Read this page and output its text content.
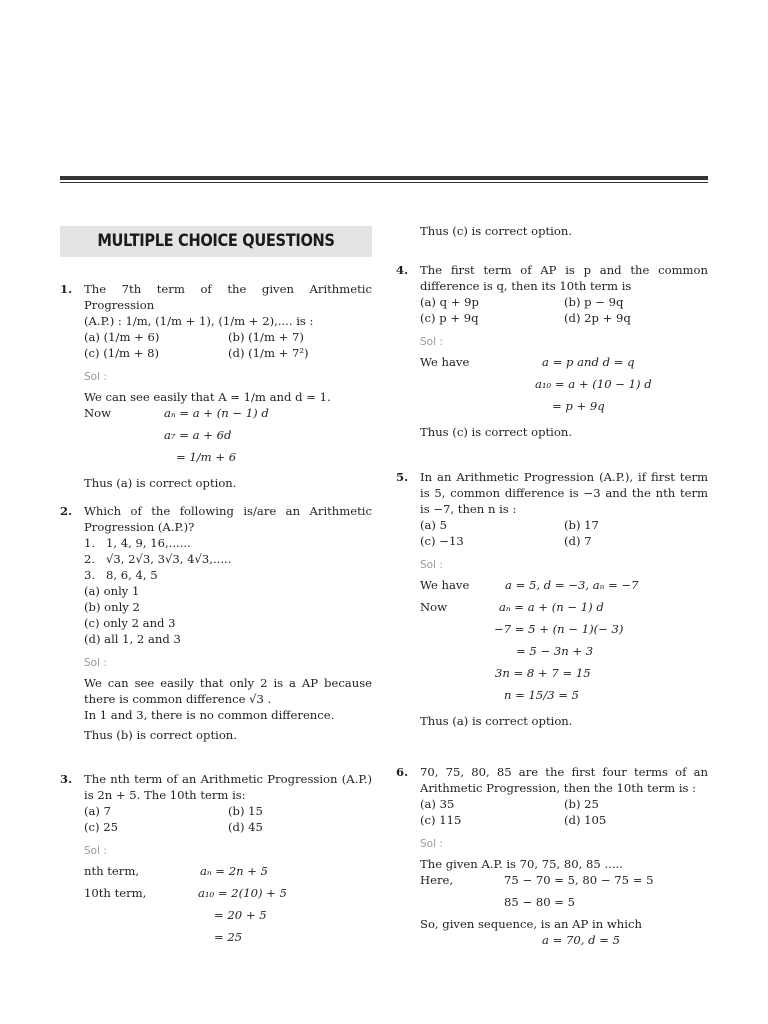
MULTIPLE CHOICE QUESTIONS
1. The 7th term of the given Arithmetic Progression
(A.P.) : 1/m, (1/m + 1), (1/m + 2),.... is :
(a) (1/m + 6)	(b) (1/m + 7)
(c) (1/m + 8)	(d) (1/m + 7²)
Sol :
We can see easily that A = 1/m and d = 1.
Now	aₙ = a + (n − 1) d
a₇ = a + 6d
= 1/m + 6
Thus (a) is correct option.
2. Which of the following is/are an Arithmetic Progression (A.P.)?
1. 1, 4, 9, 16,......
2. √3, 2√3, 3√3, 4√3,.....
3. 8, 6, 4, 5
(a) only 1
(b) only 2
(c) only 2 and 3
(d) all 1, 2 and 3
Sol :
We can see easily that only 2 is a AP because there is common difference √3 .
In 1 and 3, there is no common difference.
Thus (b) is correct option.
3. The nth term of an Arithmetic Progression (A.P.) is 2n + 5. The 10th term is:
(a) 7	(b) 15
(c) 25	(d) 45
Sol :
nth term,	aₙ = 2n + 5
10th term,	a₁₀ = 2(10) + 5
= 20 + 5
= 25
Thus (c) is correct option.
4. The first term of AP is p and the common difference is q, then its 10th term is
(a) q + 9p	(b) p − 9q
(c) p + 9q	(d) 2p + 9q
Sol :
We have	a = p and d = q
a₁₀ = a + (10 − 1) d
= p + 9q
Thus (c) is correct option.
5. In an Arithmetic Progression (A.P.), if first term is 5, common difference is −3 and the nth term is −7, then n is :
(a) 5	(b) 17
(c) −13	(d) 7
Sol :
We have	a = 5, d = −3, aₙ = −7
Now	aₙ = a + (n − 1) d
−7 = 5 + (n − 1)(− 3)
= 5 − 3n + 3
3n = 8 + 7 = 15
n = 15/3 = 5
Thus (a) is correct option.
6. 70, 75, 80, 85 are the first four terms of an Arithmetic Progression, then the 10th term is :
(a) 35	(b) 25
(c) 115	(d) 105
Sol :
The given A.P. is 70, 75, 80, 85 .....
Here,	75 − 70 = 5, 80 − 75 = 5
85 − 80 = 5
So, given sequence, is an AP in which
a = 70, d = 5
